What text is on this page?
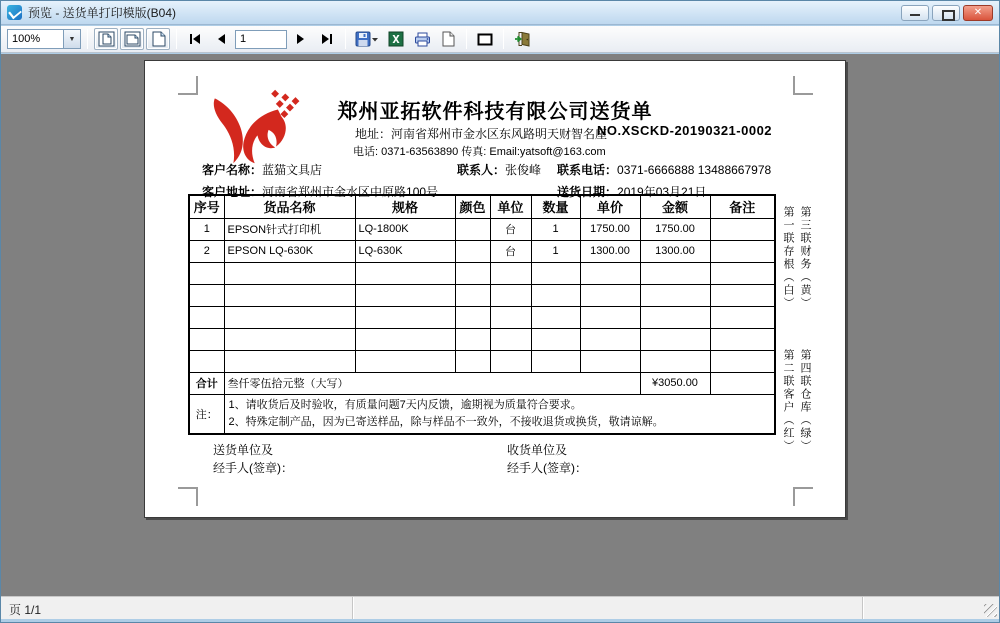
预览 - 送货单打印模版(B04)	✕
100%	▼
1
郑州亚拓软件科技有限公司送货单
地址：河南省郑州市金水区东风路明天财智名座
NO.XSCKD-20190321-0002
电话: 0371-63563890 传真: Email:yatsoft@163.com
客户名称：蓝猫文具店	联系人：张俊峰 联系电话：0371-6666888 13488667978
客户地址：河南省郑州市金水区中原路100号	送货日期：2019年03月21日
序号	货品名称	规格	颜色	单位	数量	单价	金额	备注
1	EPSON针式打印机	LQ-1800K		台	1	1750.00	1750.00	
2	EPSON LQ-630K	LQ-630K		台	1	1300.00	1300.00	

合计	叁仟零伍拾元整（大写）						¥3050.00	
注：	1、请收货后及时验收，有质量问题7天内反馈，逾期视为质量符合要求。
2、特殊定制产品，因为已寄送样品，除与样品不一致外，不接收退货或换货，敬请谅解。							
第一联存根（白） 第三联财务（黄）
第二联客户（红） 第四联仓库（绿）
送货单位及
经手人(签章)：
收货单位及
经手人(签章)：
页 1/1
